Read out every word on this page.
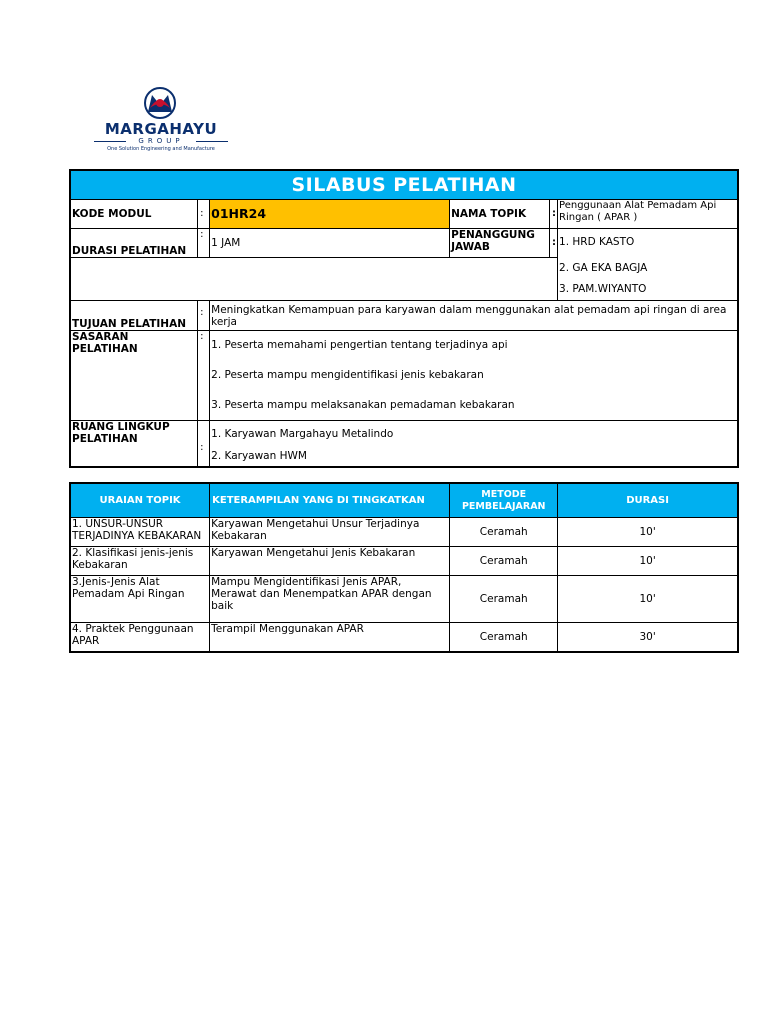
MARGAHAYU
GROUP
One Solution Engineering and Manufacture
SILABUS PELATIHAN					
KODE MODUL	:	01HR24	NAMA TOPIK	:	Penggunaan Alat Pemadam Api Ringan ( APAR )
DURASI PELATIHAN	:	1 JAM	PENANGGUNG JAWAB	:	1. HRD KASTO

					2. GA EKA BAGJA
3. PAM.WIYANTO

TUJUAN PELATIHAN	:	Meningkatkan Kemampuan para karyawan dalam menggunakan alat pemadam api ringan di area kerja			
SASARAN PELATIHAN	:	1. Peserta memahami pengertian tentang terjadinya api
2. Peserta mampu mengidentifikasi jenis kebakaran
3. Peserta mampu melaksanakan pemadaman kebakaran			

RUANG LINGKUP PELATIHAN	:	1. Karyawan Margahayu Metalindo
2. Karyawan HWM			
URAIAN TOPIK	KETERAMPILAN YANG DI TINGKATKAN	METODE PEMBELAJARAN	DURASI
1. UNSUR-UNSUR TERJADINYA KEBAKARAN	Karyawan Mengetahui Unsur Terjadinya Kebakaran	Ceramah	10'
2. Klasifikasi jenis-jenis Kebakaran	Karyawan Mengetahui Jenis Kebakaran	Ceramah	10'
3.Jenis-Jenis Alat Pemadam Api Ringan	Mampu Mengidentifikasi Jenis APAR, Merawat dan Menempatkan APAR dengan baik	Ceramah	10'
4. Praktek Penggunaan APAR	Terampil Menggunakan APAR	Ceramah	30'
